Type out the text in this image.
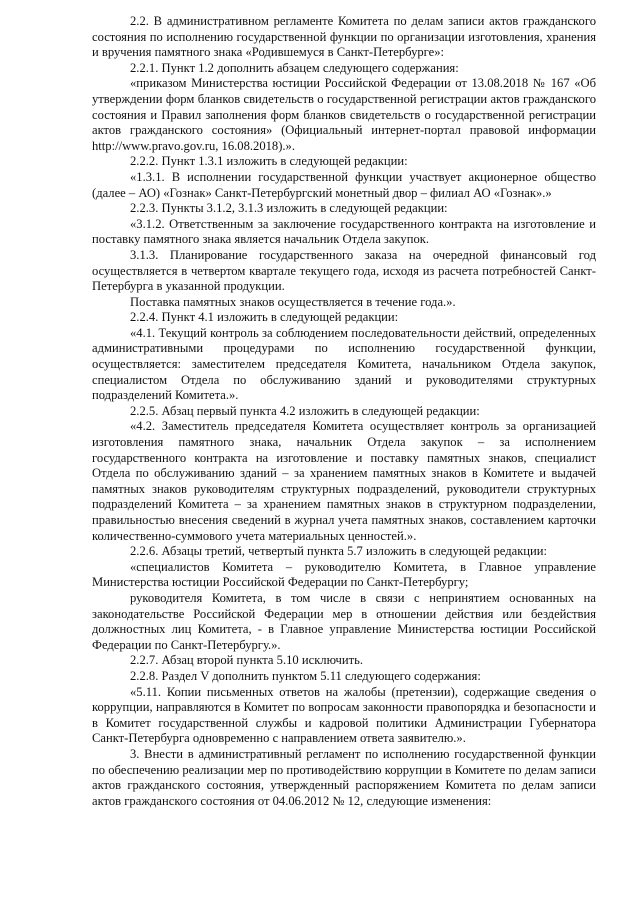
2.2. В административном регламенте Комитета по делам записи актов гражданского состояния по исполнению государственной функции по организации изготовления, хранения и вручения памятного знака «Родившемуся в Санкт-Петербурге»:

2.2.1. Пункт 1.2 дополнить абзацем следующего содержания:

«приказом Министерства юстиции Российской Федерации от 13.08.2018 № 167 «Об утверждении форм бланков свидетельств о государственной регистрации актов гражданского состояния и Правил заполнения форм бланков свидетельств о государственной регистрации актов гражданского состояния» (Официальный интернет-портал правовой информации http://www.pravo.gov.ru, 16.08.2018).».

2.2.2. Пункт 1.3.1 изложить в следующей редакции:

«1.3.1. В исполнении государственной функции участвует акционерное общество (далее – АО) «Гознак» Санкт-Петербургский монетный двор – филиал АО «Гознак».»

2.2.3. Пункты 3.1.2, 3.1.3 изложить в следующей редакции:

«3.1.2. Ответственным за заключение государственного контракта на изготовление и поставку памятного знака является начальник Отдела закупок.

3.1.3. Планирование государственного заказа на очередной финансовый год осуществляется в четвертом квартале текущего года, исходя из расчета потребностей Санкт-Петербурга в указанной продукции.

Поставка памятных знаков осуществляется в течение года.».

2.2.4. Пункт 4.1 изложить в следующей редакции:

«4.1. Текущий контроль за соблюдением последовательности действий, определенных административными процедурами по исполнению государственной функции, осуществляется: заместителем председателя Комитета, начальником Отдела закупок, специалистом Отдела по обслуживанию зданий и руководителями структурных подразделений Комитета.».

2.2.5. Абзац первый пункта 4.2 изложить в следующей редакции:

«4.2. Заместитель председателя Комитета осуществляет контроль за организацией изготовления памятного знака, начальник Отдела закупок – за исполнением государственного контракта на изготовление и поставку памятных знаков, специалист Отдела по обслуживанию зданий – за хранением памятных знаков в Комитете и выдачей памятных знаков руководителям структурных подразделений, руководители структурных подразделений Комитета – за хранением памятных знаков в структурном подразделении, правильностью внесения сведений в журнал учета памятных знаков, составлением карточки количественно-суммового учета материальных ценностей.».

2.2.6. Абзацы третий, четвертый пункта 5.7 изложить в следующей редакции:

«специалистов Комитета – руководителю Комитета, в Главное управление Министерства юстиции Российской Федерации по Санкт-Петербургу;

руководителя Комитета, в том числе в связи с непринятием основанных на законодательстве Российской Федерации мер в отношении действия или бездействия должностных лиц Комитета, - в Главное управление Министерства юстиции Российской Федерации по Санкт-Петербургу.».

2.2.7. Абзац второй пункта 5.10 исключить.

2.2.8. Раздел V дополнить пунктом 5.11 следующего содержания:

«5.11. Копии письменных ответов на жалобы (претензии), содержащие сведения о коррупции, направляются в Комитет по вопросам законности правопорядка и безопасности и в Комитет государственной службы и кадровой политики Администрации Губернатора Санкт-Петербурга одновременно с направлением ответа заявителю.».

3. Внести в административный регламент по исполнению государственной функции по обеспечению реализации мер по противодействию коррупции в Комитете по делам записи актов гражданского состояния, утвержденный распоряжением Комитета по делам записи актов гражданского состояния от 04.06.2012 № 12, следующие изменения:
